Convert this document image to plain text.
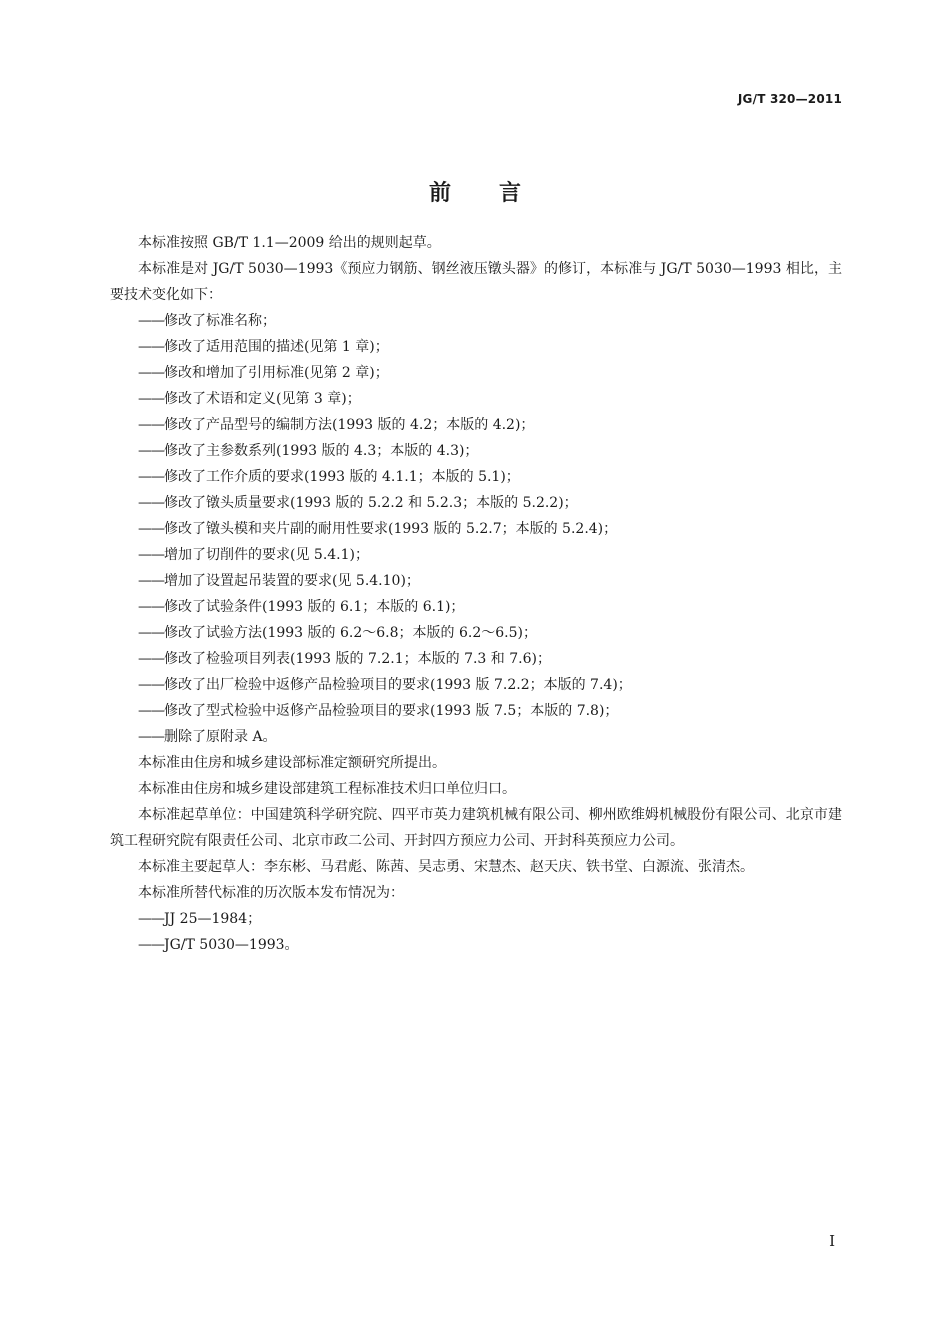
JG/T 320—2011
前言

本标准按照 GB/T 1.1—2009 给出的规则起草。

本标准是对 JG/T 5030—1993《预应力钢筋、钢丝液压镦头器》的修订，本标准与 JG/T 5030—1993 相比，主要技术变化如下：

——修改了标准名称；
——修改了适用范围的描述(见第 1 章)；
——修改和增加了引用标准(见第 2 章)；
——修改了术语和定义(见第 3 章)；
——修改了产品型号的编制方法(1993 版的 4.2；本版的 4.2)；
——修改了主参数系列(1993 版的 4.3；本版的 4.3)；
——修改了工作介质的要求(1993 版的 4.1.1；本版的 5.1)；
——修改了镦头质量要求(1993 版的 5.2.2 和 5.2.3；本版的 5.2.2)；
——修改了镦头模和夹片副的耐用性要求(1993 版的 5.2.7；本版的 5.2.4)；
——增加了切削件的要求(见 5.4.1)；
——增加了设置起吊装置的要求(见 5.4.10)；
——修改了试验条件(1993 版的 6.1；本版的 6.1)；
——修改了试验方法(1993 版的 6.2～6.8；本版的 6.2～6.5)；
——修改了检验项目列表(1993 版的 7.2.1；本版的 7.3 和 7.6)；
——修改了出厂检验中返修产品检验项目的要求(1993 版 7.2.2；本版的 7.4)；
——修改了型式检验中返修产品检验项目的要求(1993 版 7.5；本版的 7.8)；
——删除了原附录 A。

本标准由住房和城乡建设部标准定额研究所提出。

本标准由住房和城乡建设部建筑工程标准技术归口单位归口。

本标准起草单位：中国建筑科学研究院、四平市英力建筑机械有限公司、柳州欧维姆机械股份有限公司、北京市建筑工程研究院有限责任公司、北京市政二公司、开封四方预应力公司、开封科英预应力公司。

本标准主要起草人：李东彬、马君彪、陈茜、吴志勇、宋慧杰、赵天庆、铁书堂、白源流、张清杰。

本标准所替代标准的历次版本发布情况为：

——JJ 25—1984；
——JG/T 5030—1993。
I
